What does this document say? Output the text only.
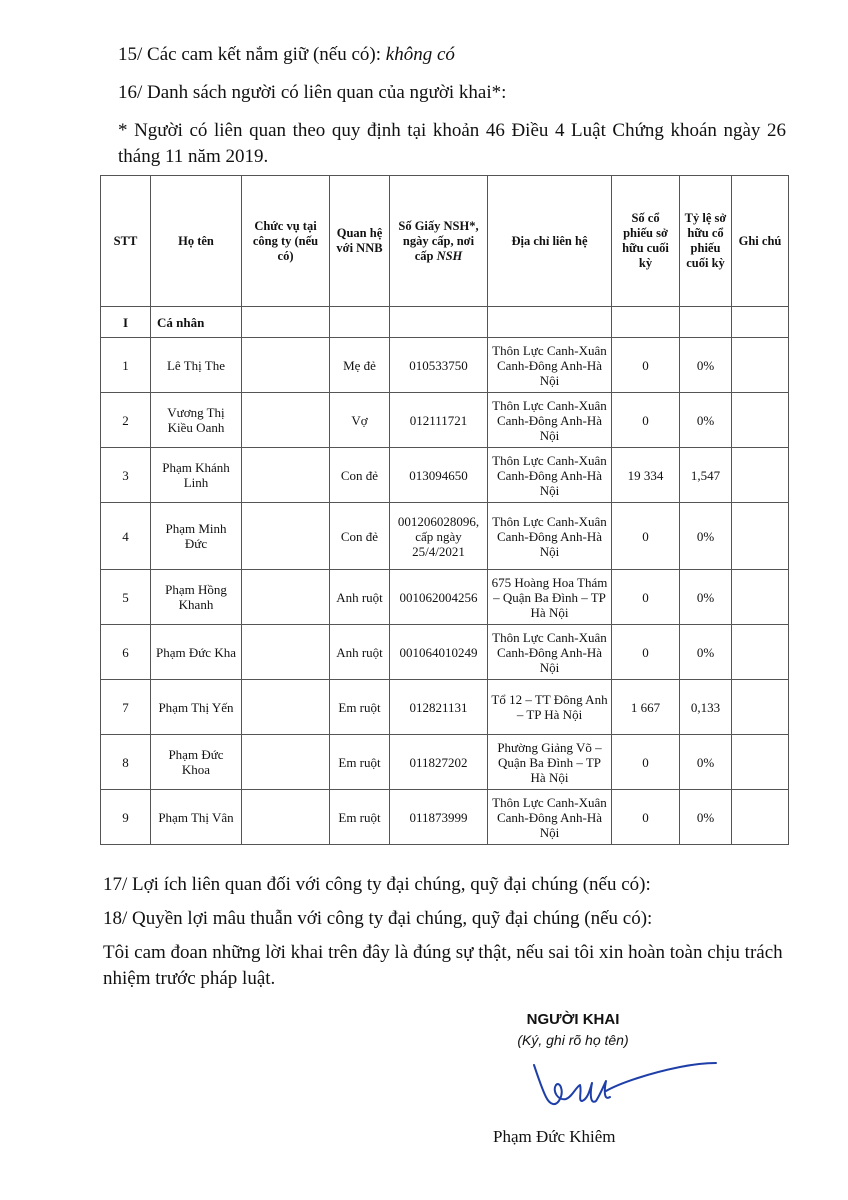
15/ Các cam kết nắm giữ (nếu có): không có
16/ Danh sách người có liên quan của người khai*:
* Người có liên quan theo quy định tại khoản 46 Điều 4 Luật Chứng khoán ngày 26 tháng 11 năm 2019.
STT	Họ tên	Chức vụ tại công ty (nếu có)	Quan hệ với NNB	Số Giấy NSH*, ngày cấp, nơi cấp NSH	Địa chỉ liên hệ	Số cổ phiếu sở hữu cuối kỳ	Tỷ lệ sở hữu cổ phiếu cuối kỳ	Ghi chú
I	Cá nhân							
1	Lê Thị The		Mẹ đẻ	010533750	Thôn Lực Canh-Xuân Canh-Đông Anh-Hà Nội	0	0%	
2	Vương Thị Kiều Oanh		Vợ	012111721	Thôn Lực Canh-Xuân Canh-Đông Anh-Hà Nội	0	0%	
3	Phạm Khánh Linh		Con đẻ	013094650	Thôn Lực Canh-Xuân Canh-Đông Anh-Hà Nội	19 334	1,547	
4	Phạm Minh Đức		Con đẻ	001206028096, cấp ngày 25/4/2021	Thôn Lực Canh-Xuân Canh-Đông Anh-Hà Nội	0	0%	
5	Phạm Hồng Khanh		Anh ruột	001062004256	675 Hoàng Hoa Thám – Quận Ba Đình – TP Hà Nội	0	0%	
6	Phạm Đức Kha		Anh ruột	001064010249	Thôn Lực Canh-Xuân Canh-Đông Anh-Hà Nội	0	0%	
7	Phạm Thị Yến		Em ruột	012821131	Tổ 12 – TT Đông Anh – TP Hà Nội	1 667	0,133	
8	Phạm Đức Khoa		Em ruột	011827202	Phường Giảng Võ – Quận Ba Đình – TP Hà Nội	0	0%	
9	Phạm Thị Vân		Em ruột	011873999	Thôn Lực Canh-Xuân Canh-Đông Anh-Hà Nội	0	0%	
17/ Lợi ích liên quan đối với công ty đại chúng, quỹ đại chúng (nếu có):
18/ Quyền lợi mâu thuẫn với công ty đại chúng, quỹ đại chúng (nếu có):
Tôi cam đoan những lời khai trên đây là đúng sự thật, nếu sai tôi xin hoàn toàn chịu trách nhiệm trước pháp luật.
NGƯỜI KHAI
(Ký, ghi rõ họ tên)
Phạm Đức Khiêm
